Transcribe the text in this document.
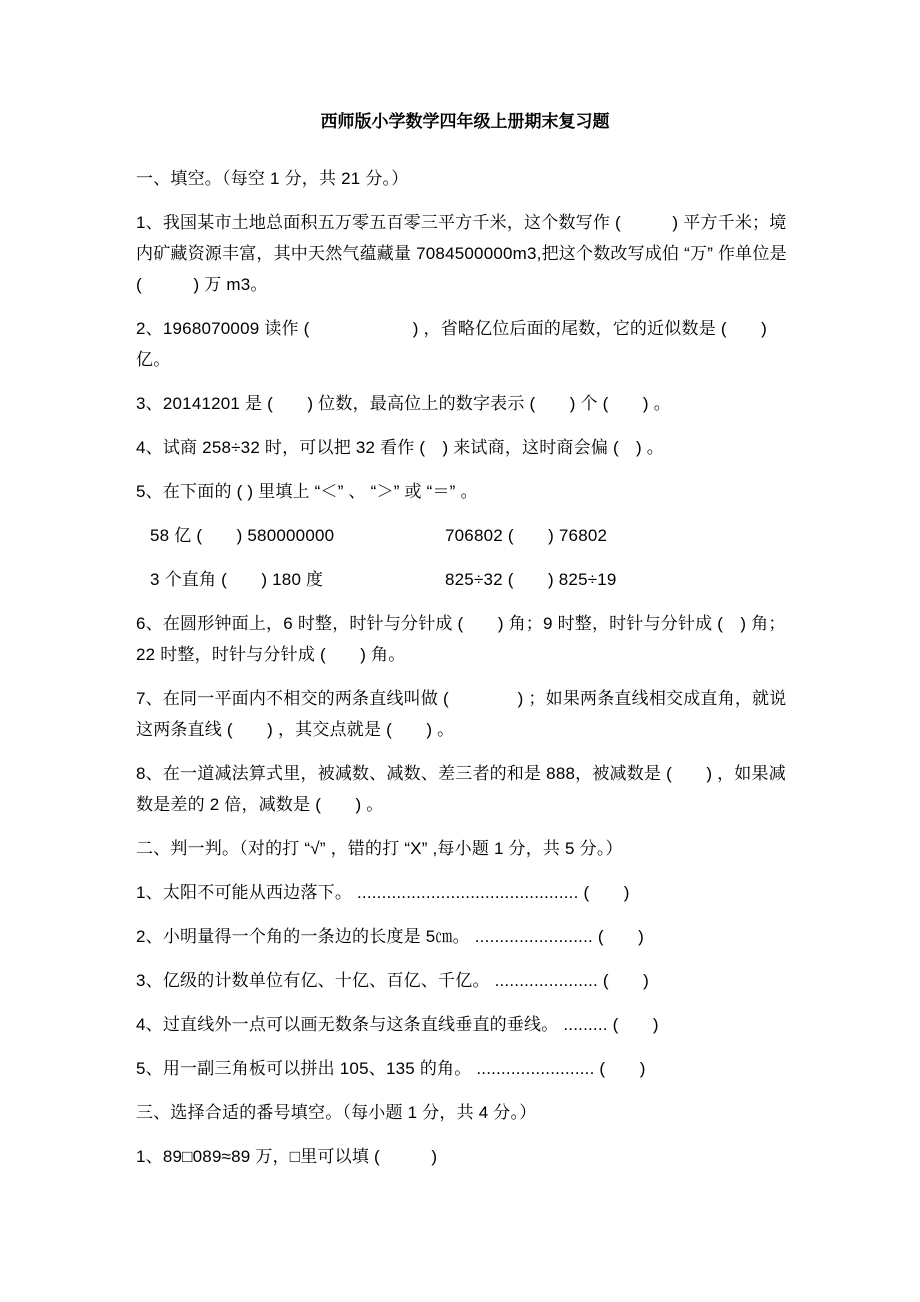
西师版小学数学四年级上册期末复习题

一、填空。（每空 1 分，共 21 分。）

1、我国某市土地总面积五万零五百零三平方千米，这个数写作 (　　　) 平方千米；境内矿藏资源丰富，其中天然气蕴藏量 7084500000m3,把这个数改写成伯 “万” 作单位是 (　　　) 万 m3。

2、1968070009 读作 (　　　　　　) ，省略亿位后面的尾数，它的近似数是 (　　) 亿。

3、20141201 是 (　　) 位数，最高位上的数字表示 (　　) 个 (　　) 。

4、试商 258÷32 时，可以把 32 看作 (　) 来试商，这时商会偏 (　) 。

5、在下面的 ( ) 里填上 “＜” 、 “＞” 或 “＝” 。

58 亿 (　　) 580000000	706802 (　　) 76802
3 个直角 (　　) 180 度	825÷32 (　　) 825÷19

6、在圆形钟面上，6 时整，时针与分针成 (　　) 角；9 时整，时针与分针成 (　) 角；22 时整，时针与分针成 (　　) 角。

7、在同一平面内不相交的两条直线叫做 (　　　　) ；如果两条直线相交成直角，就说这两条直线 (　　) ，其交点就是 (　　) 。

8、在一道减法算式里，被减数、减数、差三者的和是 888，被减数是 (　　) ，如果减数是差的 2 倍，减数是 (　　) 。

二、判一判。（对的打 “√” ，错的打 “X” ,每小题 1 分，共 5 分。）

1、太阳不可能从西边落下。 ............................................. (　　)

2、小明量得一个角的一条边的长度是 5㎝。 ........................ (　　)

3、亿级的计数单位有亿、十亿、百亿、千亿。 ..................... (　　)

4、过直线外一点可以画无数条与这条直线垂直的垂线。 ......... (　　)

5、用一副三角板可以拼出 105、135 的角。 ........................ (　　)

三、选择合适的番号填空。（每小题 1 分，共 4 分。）

1、89□089≈89 万，□里可以填 (　　　)
